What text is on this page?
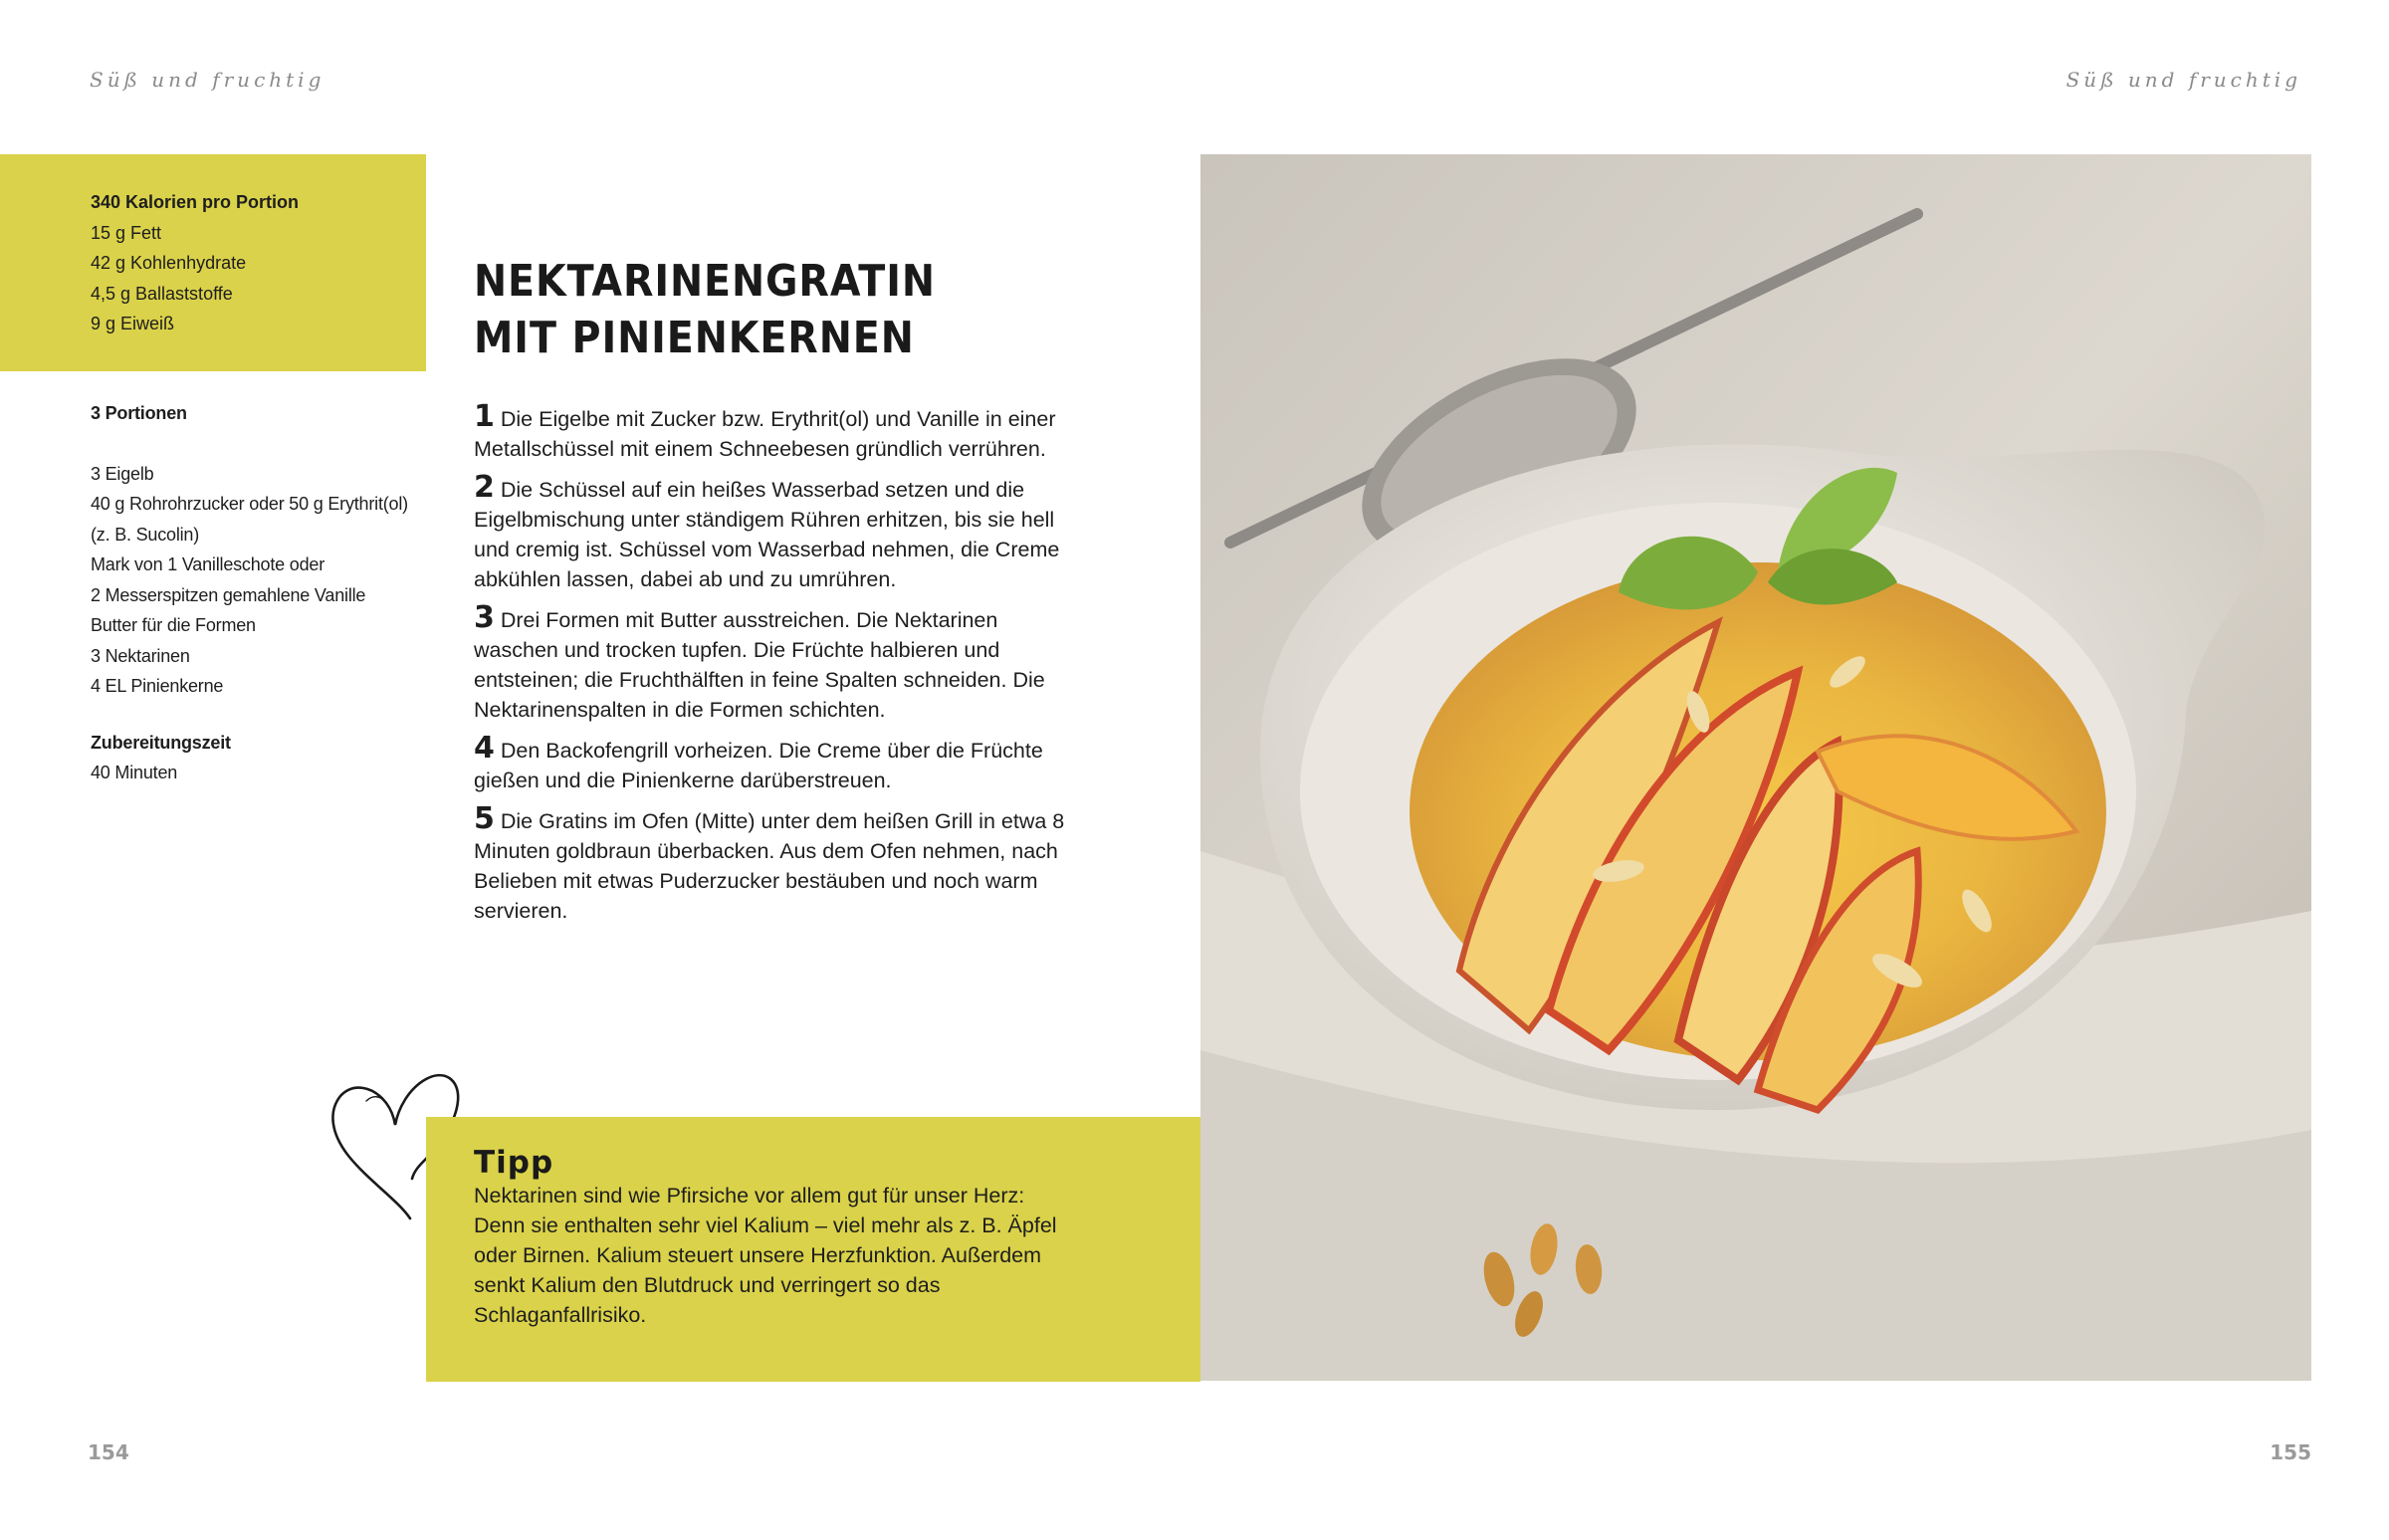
Süß und fruchtig	Süß und fruchtig
340 Kalorien pro Portion
15 g Fett
42 g Kohlenhydrate
4,5 g Ballaststoffe
9 g Eiweiß
3 Portionen
3 Eigelb
40 g Rohrohrzucker oder 50 g Erythrit(ol)
(z. B. Sucolin)
Mark von 1 Vanilleschote oder
2 Messerspitzen gemahlene Vanille
Butter für die Formen
3 Nektarinen
4 EL Pinienkerne
Zubereitungszeit
40 Minuten
NEKTARINENGRATIN
MIT PINIENKERNEN
1 Die Eigelbe mit Zucker bzw. Erythrit(ol) und Vanille in einer Metallschüssel mit einem Schneebesen gründlich verrühren.
2 Die Schüssel auf ein heißes Wasserbad setzen und die Eigelbmischung unter ständigem Rühren erhitzen, bis sie hell und cremig ist. Schüssel vom Wasserbad nehmen, die Creme abkühlen lassen, dabei ab und zu umrühren.
3 Drei Formen mit Butter ausstreichen. Die Nektarinen waschen und trocken tupfen. Die Früchte halbieren und entsteinen; die Fruchthälften in feine Spalten schneiden. Die Nektarinenspalten in die Formen schichten.
4 Den Backofengrill vorheizen. Die Creme über die Früchte gießen und die Pinienkerne darüberstreuen.
5 Die Gratins im Ofen (Mitte) unter dem heißen Grill in etwa 8 Minuten goldbraun überbacken. Aus dem Ofen nehmen, nach Belieben mit etwas Puderzucker bestäuben und noch warm servieren.
Tipp
Nektarinen sind wie Pfirsiche vor allem gut für unser Herz: Denn sie enthalten sehr viel Kalium – viel mehr als z. B. Äpfel oder Birnen. Kalium steuert unsere Herzfunktion. Außerdem senkt Kalium den Blutdruck und verringert so das Schlaganfallrisiko.
154	155
